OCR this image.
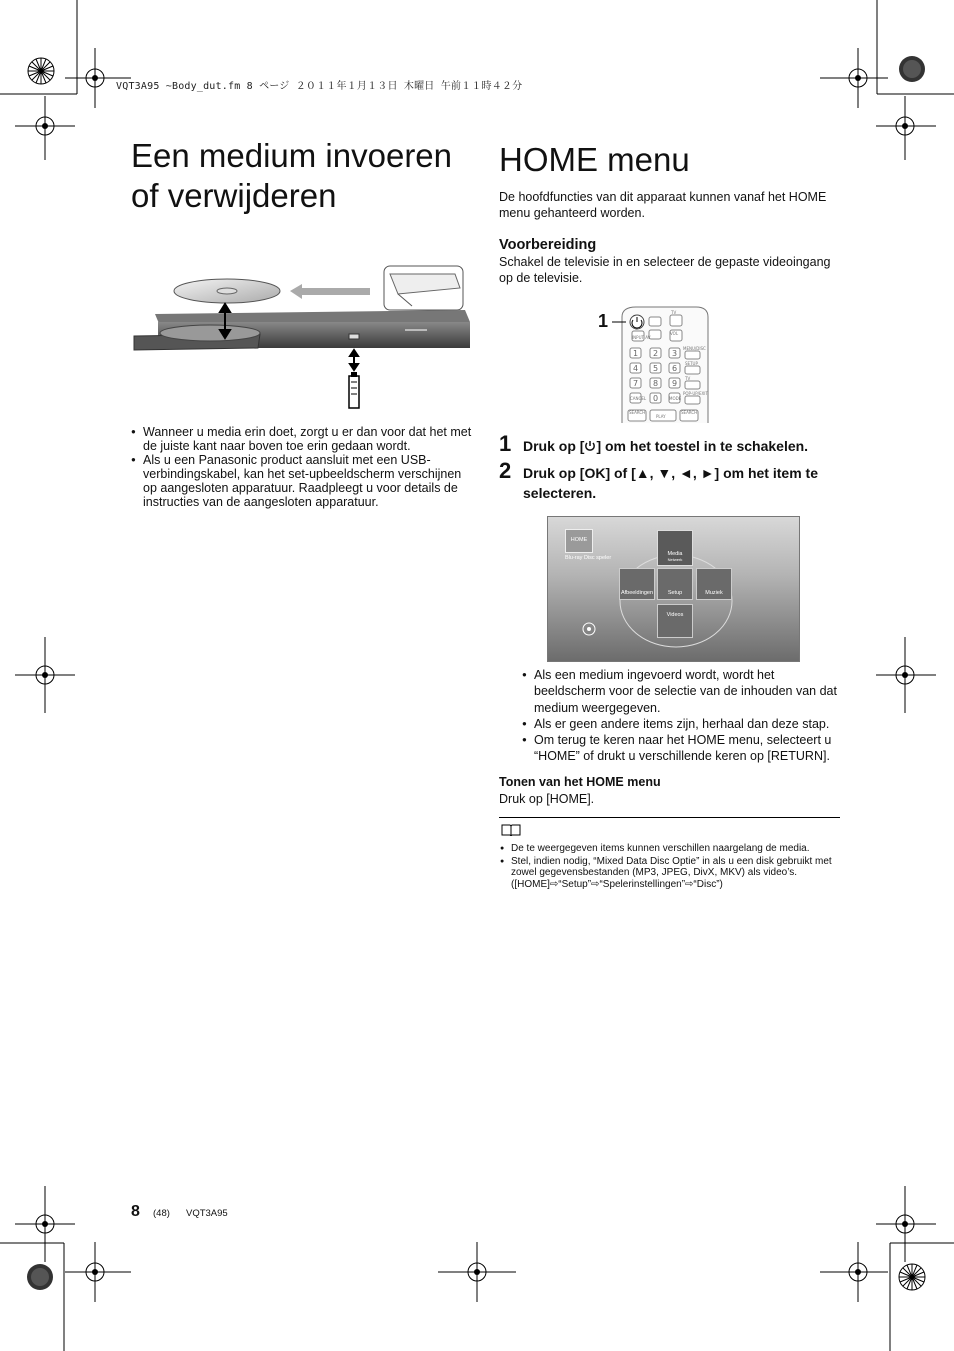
VQT3A95 ~Body_dut.fm 8 ページ ２０１１年１月１３日 木曜日 午前１１時４２分
Een medium invoeren
of verwijderen
● Wanneer u media erin doet, zorgt u er dan voor dat het met de juiste kant naar boven toe erin gedaan wordt.
● Als u een Panasonic product aansluit met een USB-verbindingskabel, kan het set-upbeeldscherm verschijnen op aangesloten apparatuur. Raadpleegt u voor details de instructies van de aangesloten apparatuur.
HOME menu

De hoofdfuncties van dit apparaat kunnen vanaf het HOME menu gehanteerd worden.

Voorbereiding

Schakel de televisie in en selecteer de gepaste videoingang op de televisie.

1	TV
VOL
INPUT AV
MENU/DISC
SETUP
TV
POP-UP/EXIT
CANCEL	MODE
SEARCH
PLAY
SEARCH
1 2 3
4 5 6
7 8 9
0
1 Druk op [ ] om het toestel in te schakelen.
2 Druk op [OK] of [▲, ▼, ◄, ►] om het item te selecteren.
HOME
Blu-ray Disc speler
Media
Netwerk
Afbeeldingen	Setup	Muziek
Videos
● Als een medium ingevoerd wordt, wordt het beeldscherm voor de selectie van de inhouden van dat medium weergegeven.
● Als er geen andere items zijn, herhaal dan deze stap.
● Om terug te keren naar het HOME menu, selecteert u “HOME” of drukt u verschillende keren op [RETURN].
Tonen van het HOME menu
Druk op [HOME].
● De te weergegeven items kunnen verschillen naargelang de media.
● Stel, indien nodig, “Mixed Data Disc Optie” in als u een disk gebruikt met zowel gegevensbestanden (MP3, JPEG, DivX, MKV) als video’s. ([HOME]⇨“Setup”⇨“Spelerinstellingen”⇨“Disc”)
8 (48) VQT3A95
